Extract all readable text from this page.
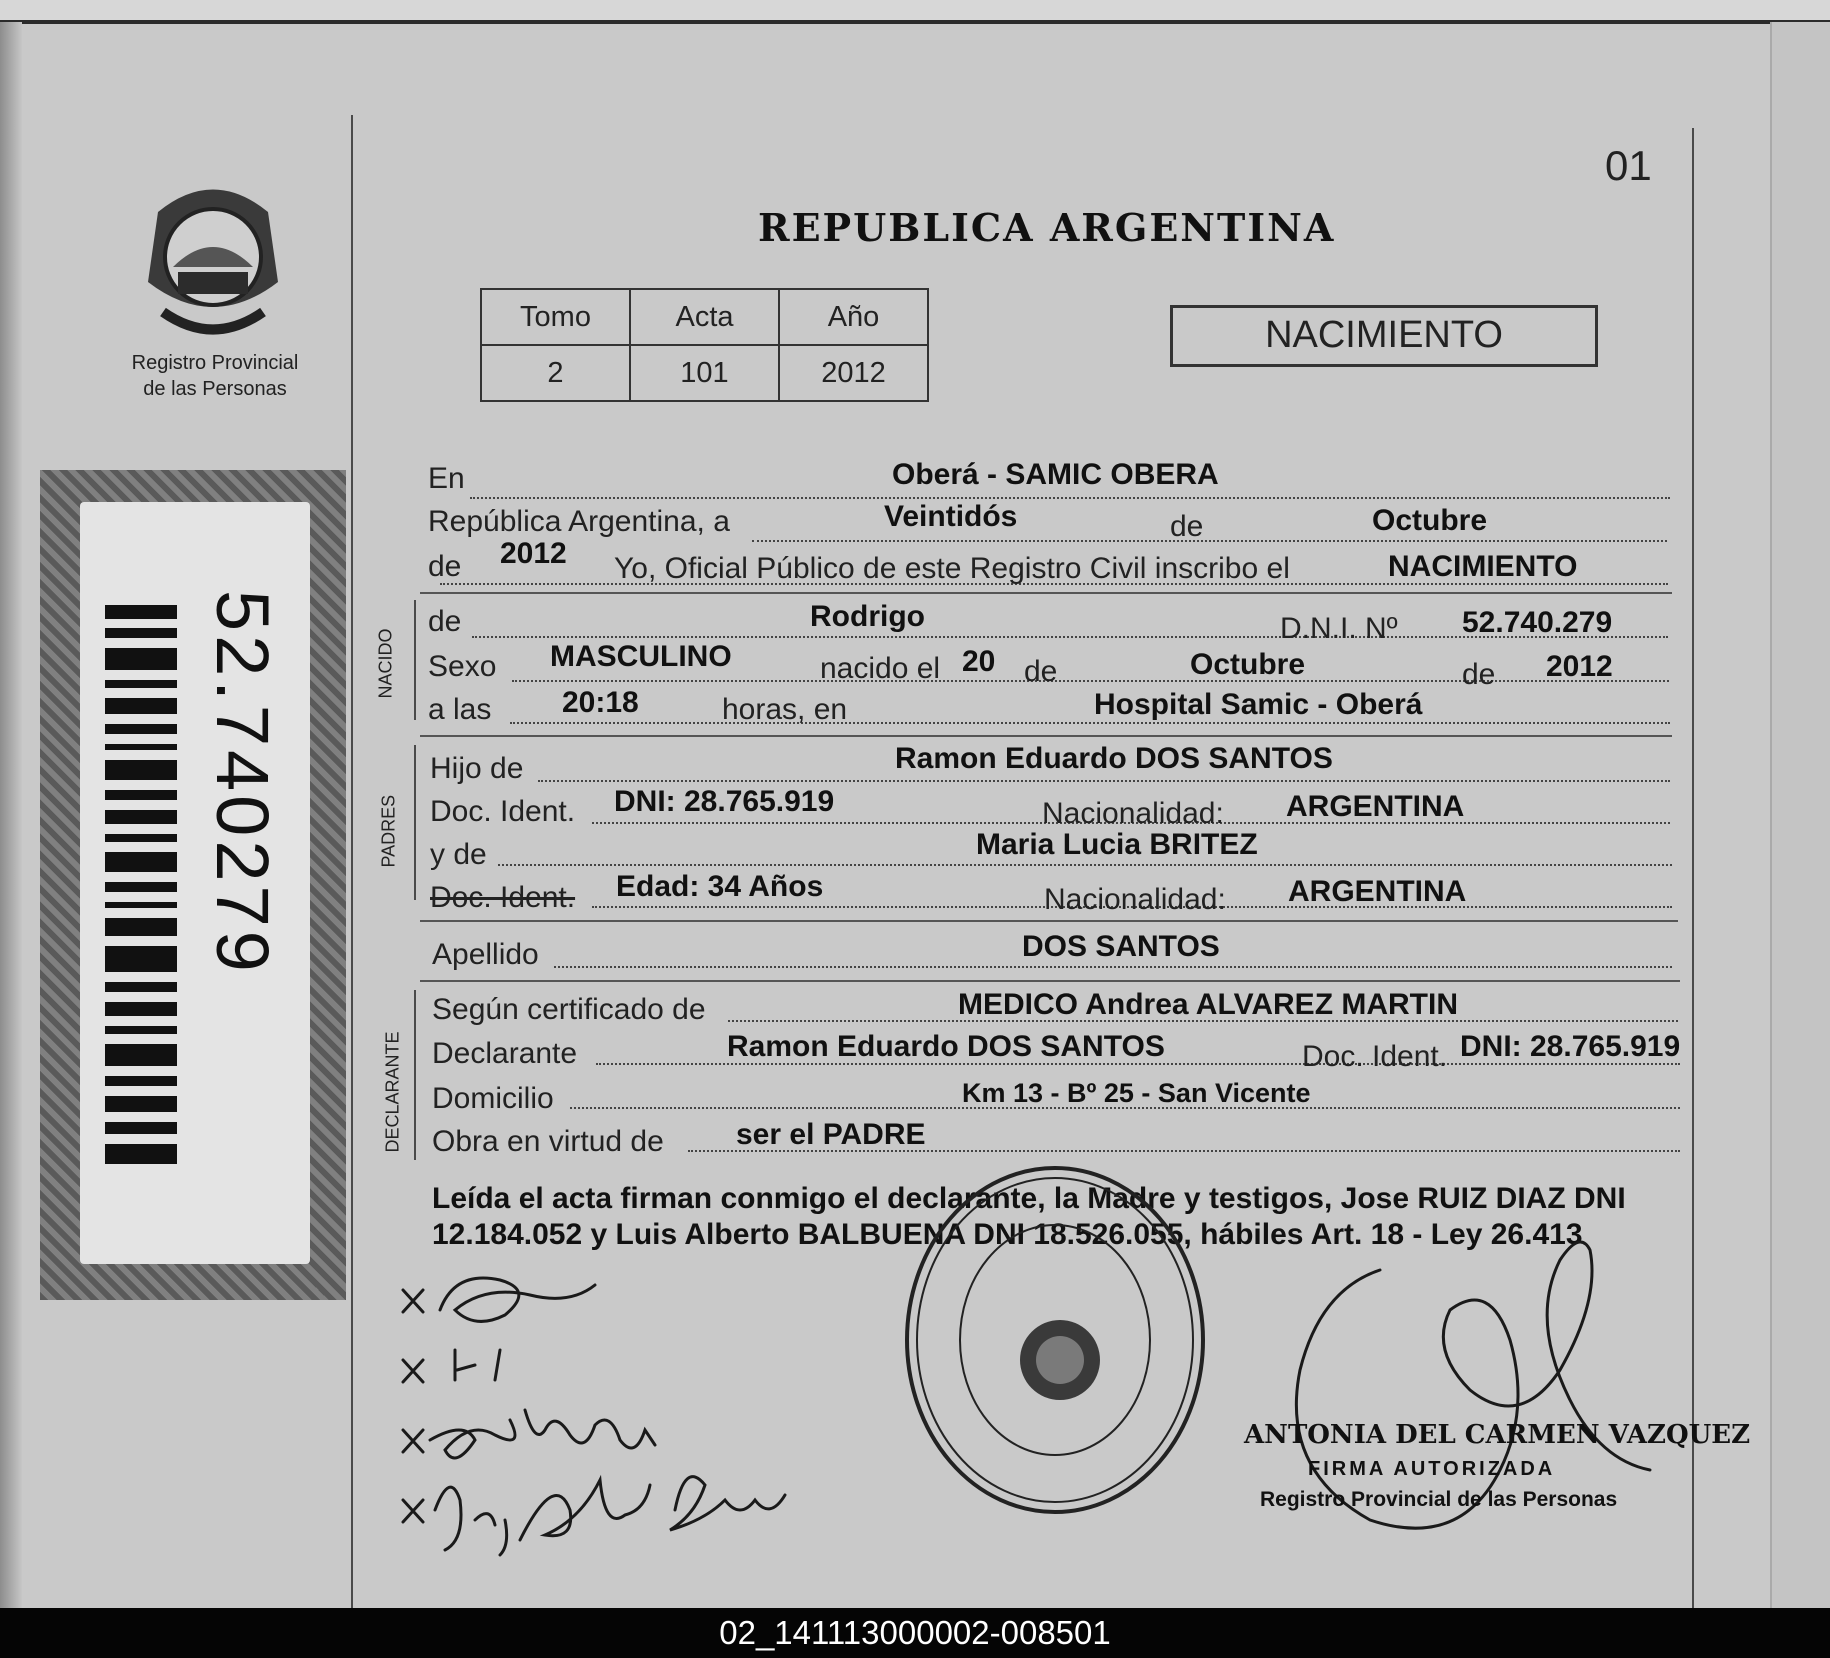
Registro Provincial
de las Personas
52.740279
01
REPUBLICA ARGENTINA
Tomo	Acta	Año
2	101	2012
NACIMIENTO
NACIDO
PADRES
DECLARANTE
En	Oberá - SAMIC OBERA
República Argentina, a	Veintidós	de	Octubre
de 2012 Yo, Oficial Público de este Registro Civil inscribo el	NACIMIENTO
de	Rodrigo	D.N.I. Nº 52.740.279
Sexo MASCULINO	nacido el 20 de	Octubre	de 2012
a las 20:18	horas, en	Hospital Samic - Oberá
Hijo de	Ramon Eduardo DOS SANTOS
Doc. Ident. DNI: 28.765.919	Nacionalidad: ARGENTINA
y de	Maria Lucia BRITEZ
Doc. Ident. Edad: 34 Años	Nacionalidad: ARGENTINA
Apellido	DOS SANTOS
Según certificado de	MEDICO Andrea ALVAREZ MARTIN
Declarante	Ramon Eduardo DOS SANTOS	Doc. Ident. DNI: 28.765.919
Domicilio	Km 13 - Bº 25 - San Vicente
Obra en virtud de ser el PADRE
Leída el acta firman conmigo el declarante, la Madre y testigos, Jose RUIZ DIAZ DNI
12.184.052 y Luis Alberto BALBUENA DNI 18.526.055, hábiles Art. 18 - Ley 26.413
ANTONIA DEL CARMEN VAZQUEZ
FIRMA AUTORIZADA
Registro Provincial de las Personas
02_141113000002-008501
